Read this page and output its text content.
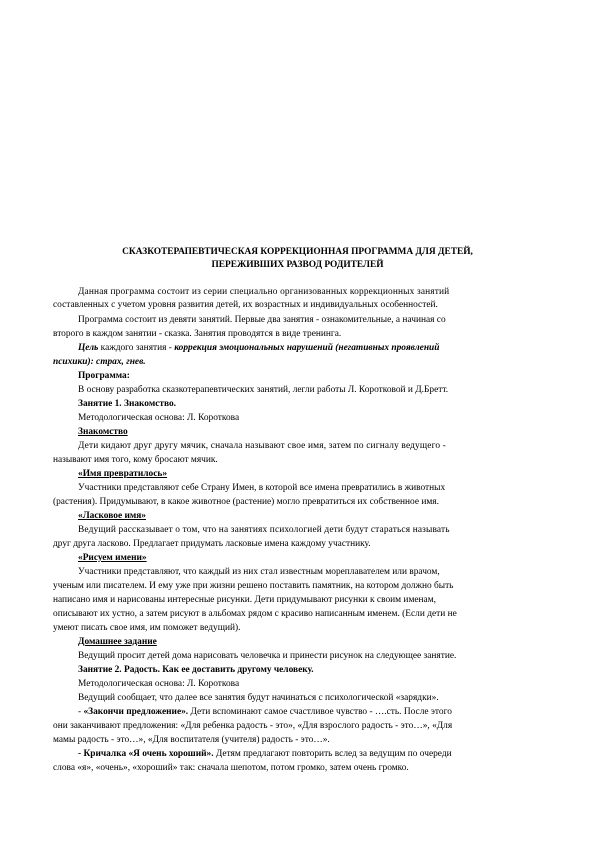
СКАЗКОТЕРАПЕВТИЧЕСКАЯ КОРРЕКЦИОННАЯ ПРОГРАММА ДЛЯ ДЕТЕЙ,
ПЕРЕЖИВШИХ РАЗВОД РОДИТЕЛЕЙ
Данная программа состоит из серии специально организованных коррекционных занятий
составленных с учетом уровня развития детей, их возрастных и индивидуальных особенностей.
Программа состоит из девяти занятий. Первые два занятия - ознакомительные, а начиная со
второго в каждом занятии - сказка. Занятия проводятся в виде тренинга.
Цель каждого занятия - коррекция эмоциональных нарушений (негативных проявлений
психики): страх, гнев.
Программа:
В основу разработка сказкотерапевтических занятий, легли работы Л. Коротковой и Д.Бретт.
Занятие 1. Знакомство.
Методологическая основа: Л. Короткова
Знакомство
Дети кидают друг другу мячик, сначала называют свое имя, затем по сигналу ведущего -
называют имя того, кому бросают мячик.
«Имя превратилось»
Участники представляют себе Страну Имен, в которой все имена превратились в животных
(растения). Придумывают, в какое животное (растение) могло превратиться их собственное имя.
«Ласковое имя»
Ведущий рассказывает о том, что на занятиях психологией дети будут стараться называть
друг друга ласково. Предлагает придумать ласковые имена каждому участнику.
«Рисуем имени»
Участники представляют, что каждый из них стал известным мореплавателем или врачом,
ученым или писателем. И ему уже при жизни решено поставить памятник, на котором должно быть
написано имя и нарисованы интересные рисунки. Дети придумывают рисунки к своим именам,
описывают их устно, а затем рисуют в альбомах рядом с красиво написанным именем. (Если дети не
умеют писать свое имя, им поможет ведущий).
Домашнее задание
Ведущий просит детей дома нарисовать человечка и принести рисунок на следующее занятие.
Занятие 2. Радость. Как ее доставить другому человеку.
Методологическая основа: Л. Короткова
Ведущий сообщает, что далее все занятия будут начинаться с психологической «зарядки».
- «Закончи предложение». Дети вспоминают самое счастливое чувство - ….сть. После этого
они заканчивают предложения: «Для ребенка радость - это», «Для взрослого радость - это…», «Для
мамы радость - это…», «Для воспитателя (учителя) радость - это…».
- Кричалка «Я очень хороший». Детям предлагают повторить вслед за ведущим по очереди
слова «я», «очень», «хороший» так: сначала шепотом, потом громко, затем очень громко.
